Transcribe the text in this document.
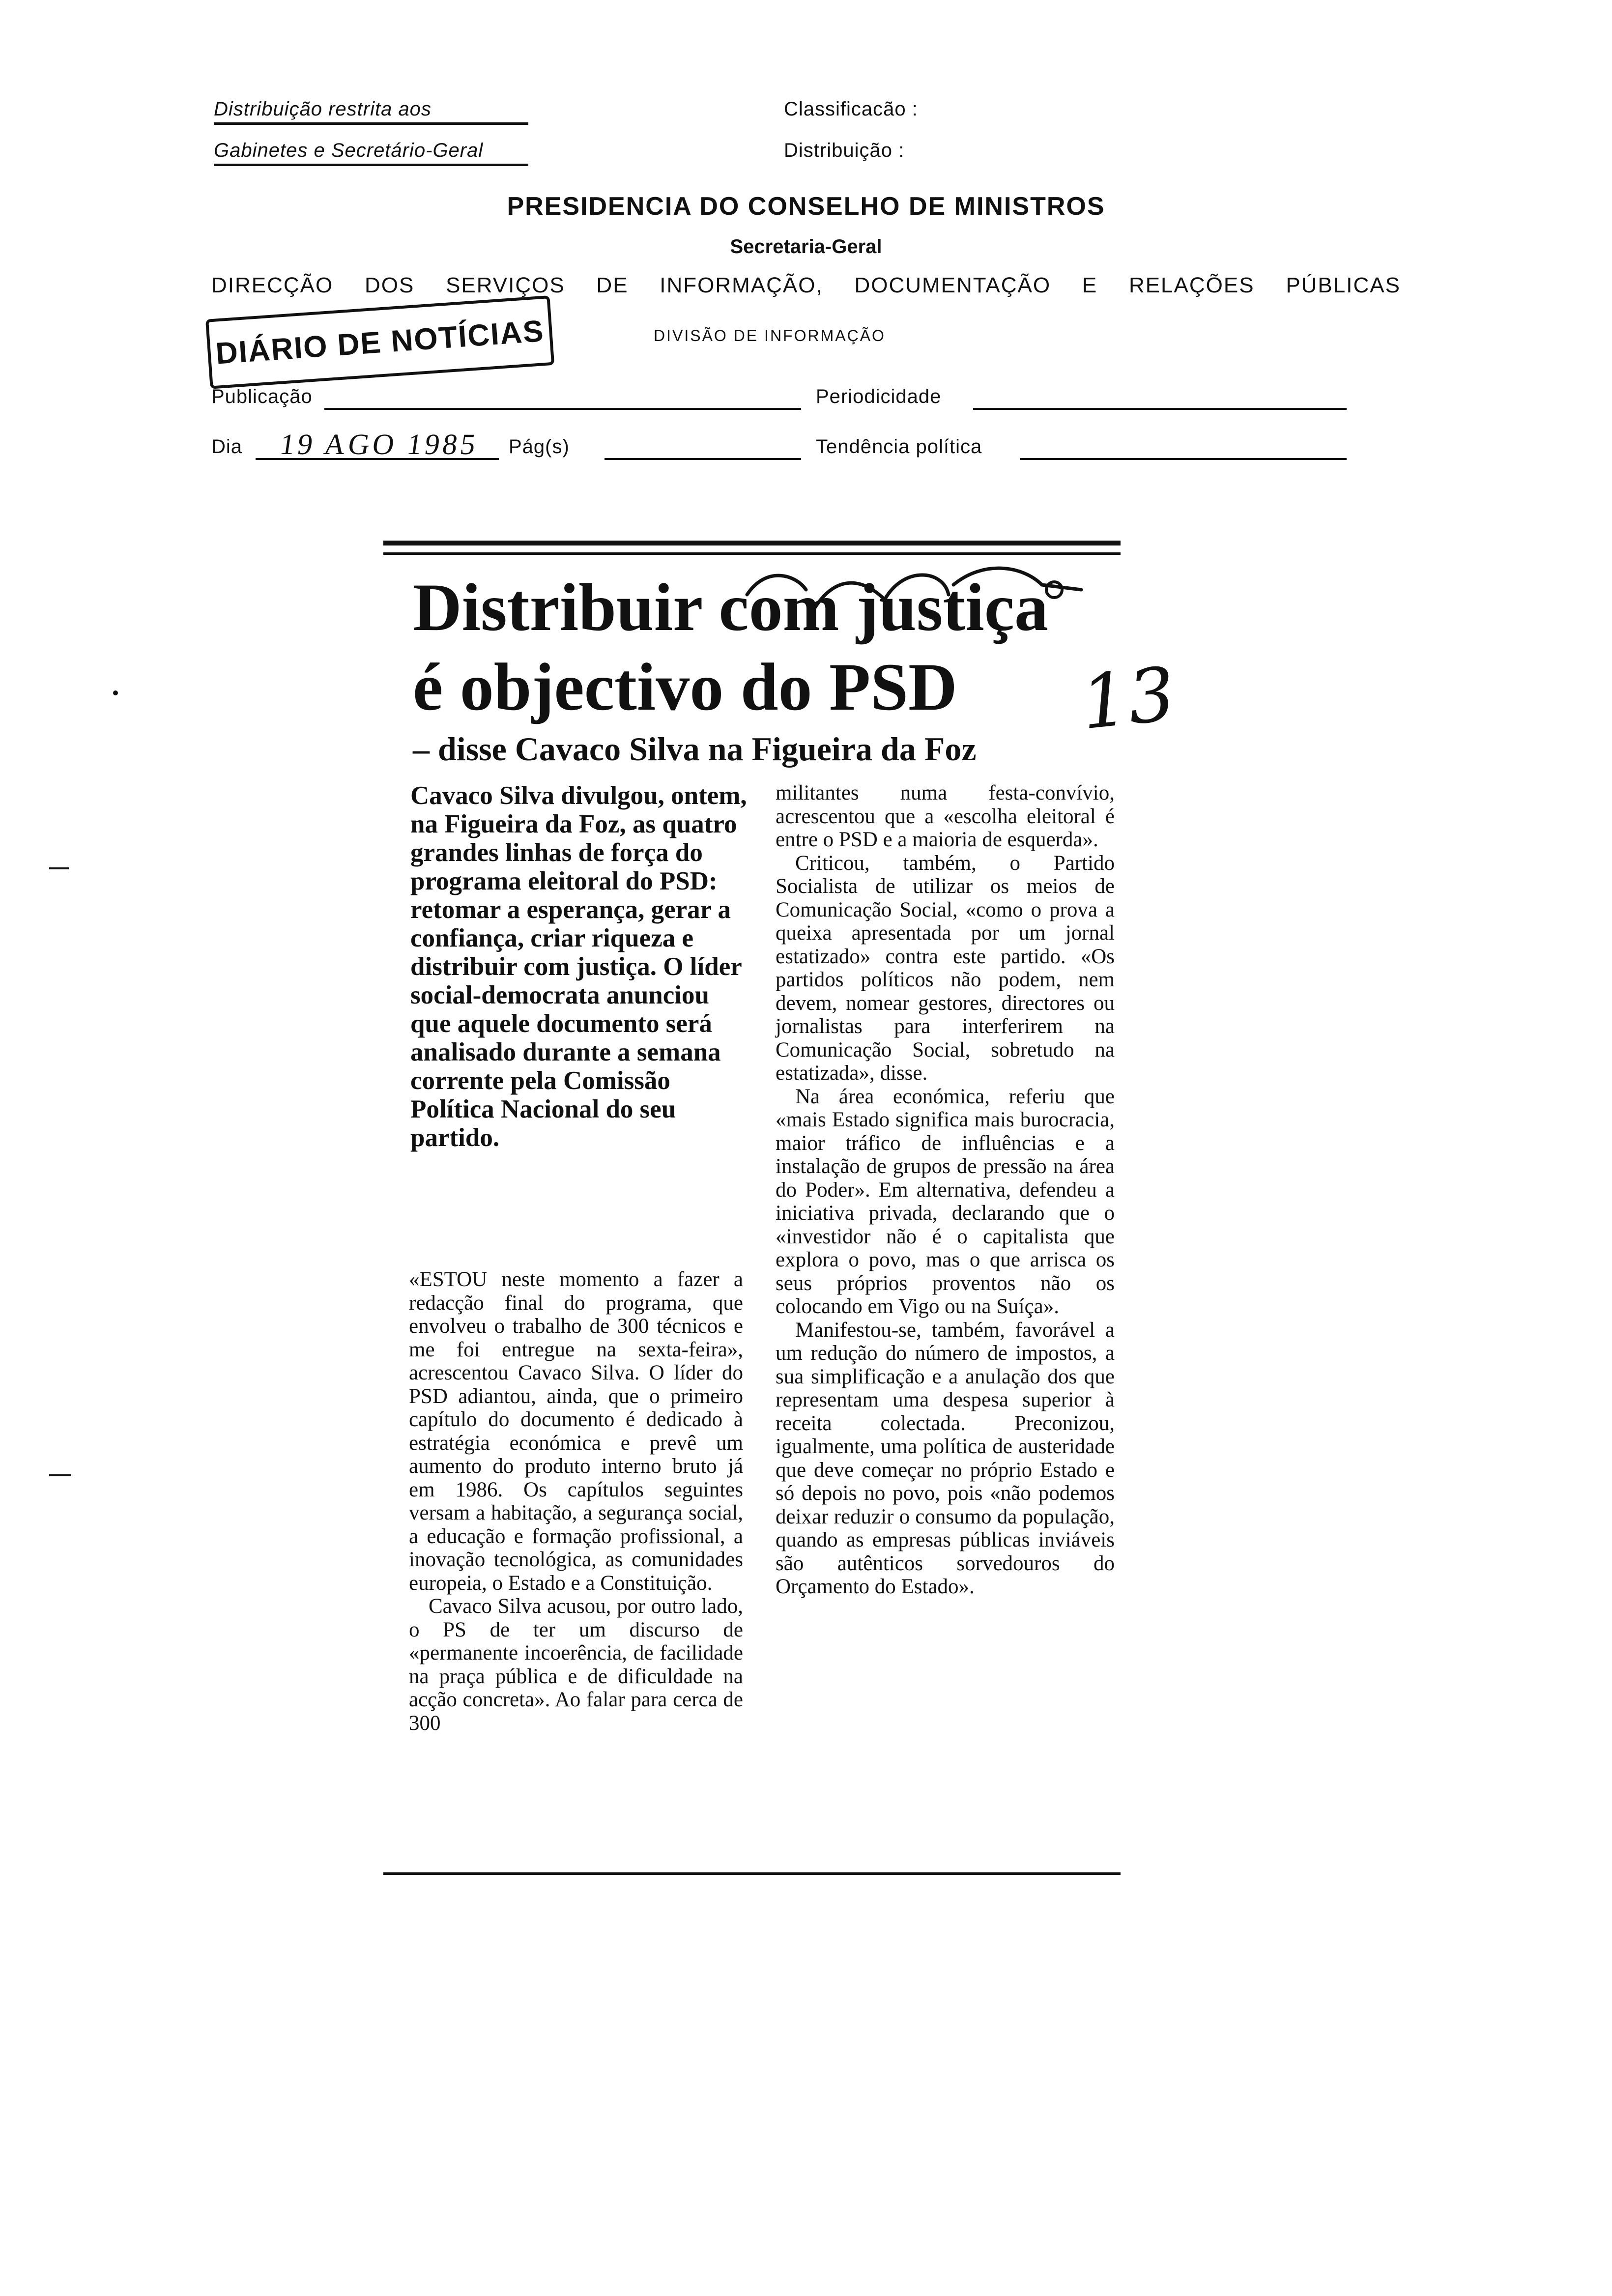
Distribuição restrita aos
Gabinetes e Secretário-Geral
Classificacão :
Distribuição :
PRESIDENCIA DO CONSELHO DE MINISTROS
Secretaria-Geral
DIRECÇÃO DOS SERVIÇOS DE INFORMAÇÃO, DOCUMENTAÇÃO E RELAÇÕES PÚBLICAS
DIÁRIO DE NOTÍCIAS	DIVISÃO DE INFORMAÇÃO
Publicação	Periodicidade
Dia 19 AGO 1985 Pág(s)	Tendência política
Distribuir com justiça
é objectivo do PSD	13
– disse Cavaco Silva na Figueira da Foz
Cavaco Silva divulgou, ontem, na Figueira da Foz, as quatro grandes linhas de força do programa eleitoral do PSD: retomar a esperança, gerar a confiança, criar riqueza e distribuir com justiça. O líder social-democrata anunciou que aquele documento será analisado durante a semana corrente pela Comissão Política Nacional do seu partido.

«ESTOU neste momento a fazer a redacção final do programa, que envolveu o trabalho de 300 técnicos e me foi entregue na sexta-feira», acrescentou Cavaco Silva. O líder do PSD adiantou, ainda, que o primeiro capítulo do documento é dedicado à estratégia económica e prevê um aumento do produto interno bruto já em 1986. Os capítulos seguintes versam a habitação, a segurança social, a educação e formação profissional, a inovação tecnológica, as comunidades europeia, o Estado e a Constituição.

Cavaco Silva acusou, por outro lado, o PS de ter um discurso de «permanente incoerência, de facilidade na praça pública e de dificuldade na acção concreta». Ao falar para cerca de 300

militantes numa festa-convívio, acrescentou que a «escolha eleitoral é entre o PSD e a maioria de esquerda».

Criticou, também, o Partido Socialista de utilizar os meios de Comunicação Social, «como o prova a queixa apresentada por um jornal estatizado» contra este partido. «Os partidos políticos não podem, nem devem, nomear gestores, directores ou jornalistas para interferirem na Comunicação Social, sobretudo na estatizada», disse.

Na área económica, referiu que «mais Estado significa mais burocracia, maior tráfico de influências e a instalação de grupos de pressão na área do Poder». Em alternativa, defendeu a iniciativa privada, declarando que o «investidor não é o capitalista que explora o povo, mas o que arrisca os seus próprios proventos não os colocando em Vigo ou na Suíça».

Manifestou-se, também, favorável a um redução do número de impostos, a sua simplificação e a anulação dos que representam uma despesa superior à receita colectada. Preconizou, igualmente, uma política de austeridade que deve começar no próprio Estado e só depois no povo, pois «não podemos deixar reduzir o consumo da população, quando as empresas públicas inviáveis são autênticos sorvedouros do Orçamento do Estado».
